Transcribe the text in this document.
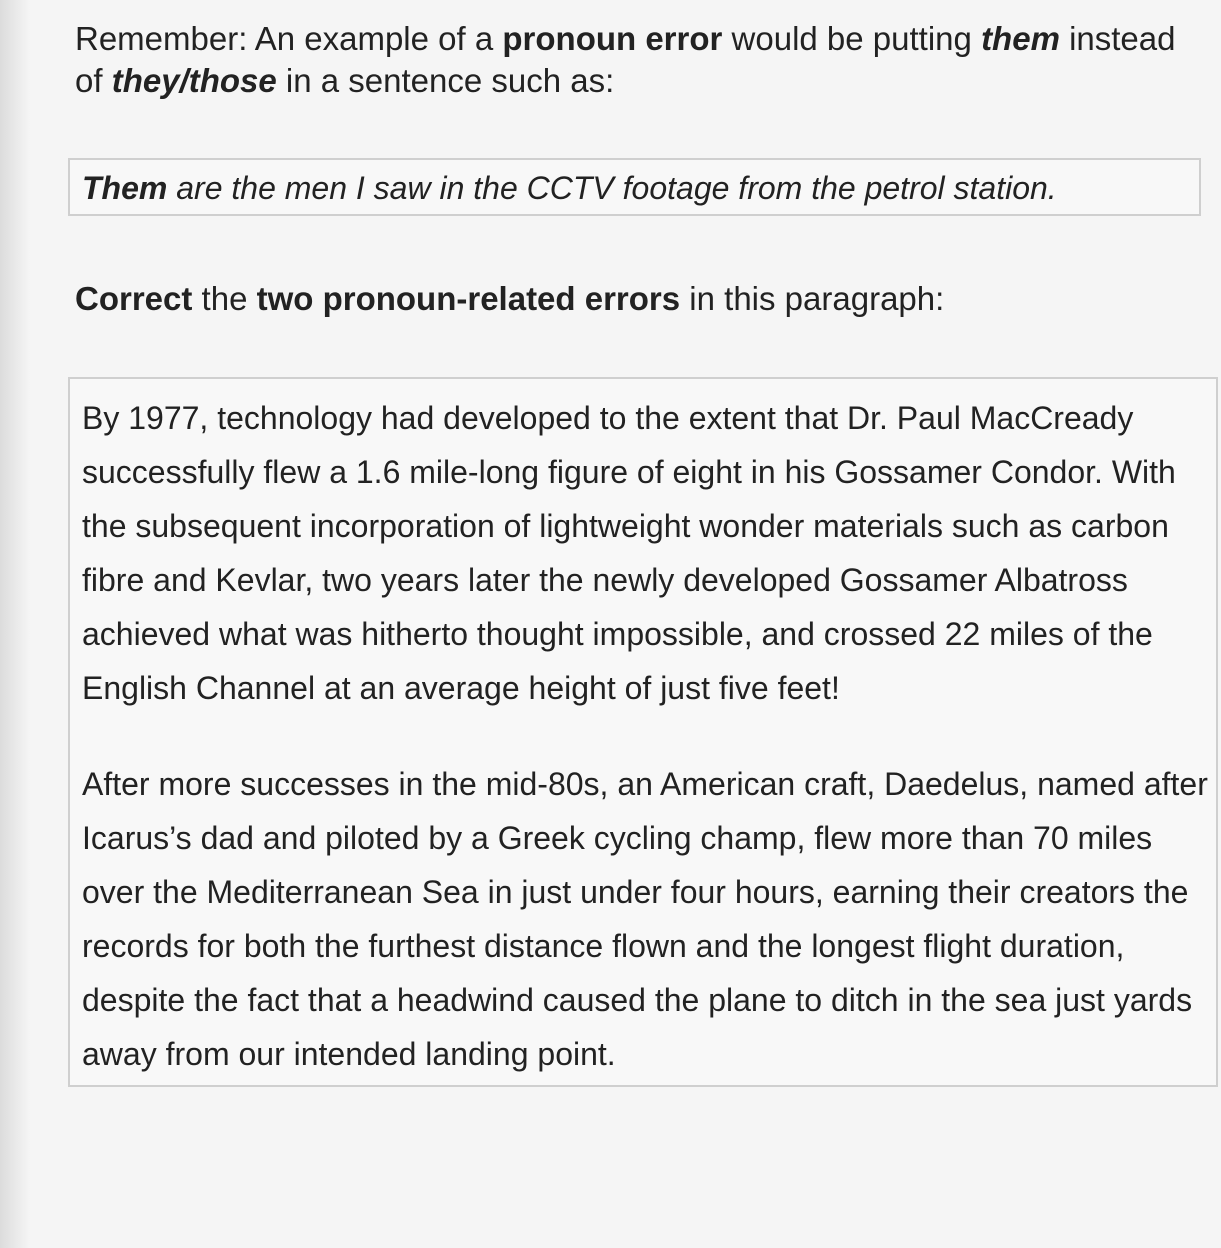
Remember: An example of a pronoun error would be putting them instead of they/those in a sentence such as:

Them are the men I saw in the CCTV footage from the petrol station.

Correct the two pronoun-related errors in this paragraph:

By 1977, technology had developed to the extent that Dr. Paul MacCready successfully flew a 1.6 mile-long figure of eight in his Gossamer Condor. With the subsequent incorporation of lightweight wonder materials such as carbon fibre and Kevlar, two years later the newly developed Gossamer Albatross achieved what was hitherto thought impossible, and crossed 22 miles of the English Channel at an average height of just five feet!

After more successes in the mid-80s, an American craft, Daedelus, named after Icarus’s dad and piloted by a Greek cycling champ, flew more than 70 miles over the Mediterranean Sea in just under four hours, earning their creators the records for both the furthest distance flown and the longest flight duration, despite the fact that a headwind caused the plane to ditch in the sea just yards away from our intended landing point.
